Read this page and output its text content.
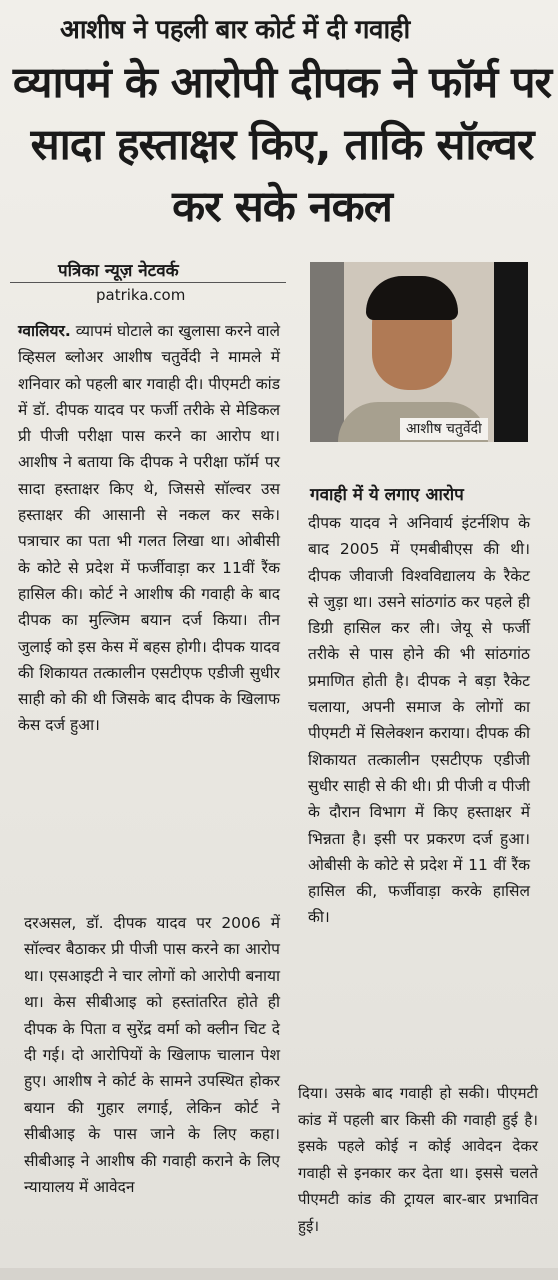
आशीष ने पहली बार कोर्ट में दी गवाही
व्यापमं के आरोपी दीपक ने फॉर्म पर सादा हस्ताक्षर किए, ताकि सॉल्वर कर सके नकल
पत्रिका न्यूज़ नेटवर्क
patrika.com

ग्वालियर. व्यापमं घोटाले का खुलासा करने वाले व्हिसल ब्लोअर आशीष चतुर्वेदी ने मामले में शनिवार को पहली बार गवाही दी। पीएमटी कांड में डॉ. दीपक यादव पर फर्जी तरीके से मेडिकल प्री पीजी परीक्षा पास करने का आरोप था। आशीष ने बताया कि दीपक ने परीक्षा फॉर्म पर सादा हस्ताक्षर किए थे, जिससे सॉल्वर उस हस्ताक्षर की आसानी से नकल कर सके। पत्राचार का पता भी गलत लिखा था। ओबीसी के कोटे से प्रदेश में फर्जीवाड़ा कर 11वीं रैंक हासिल की। कोर्ट ने आशीष की गवाही के बाद दीपक का मुल्जिम बयान दर्ज किया। तीन जुलाई को इस केस में बहस होगी। दीपक यादव की शिकायत तत्कालीन एसटीएफ एडीजी सुधीर साही को की थी जिसके बाद दीपक के खिलाफ केस दर्ज हुआ।

दरअसल, डॉ. दीपक यादव पर 2006 में सॉल्वर बैठाकर प्री पीजी पास करने का आरोप था। एसआइटी ने चार लोगों को आरोपी बनाया था। केस सीबीआइ को हस्तांतरित होते ही दीपक के पिता व सुरेंद्र वर्मा को क्लीन चिट दे दी गई। दो आरोपियों के खिलाफ चालान पेश हुए। आशीष ने कोर्ट के सामने उपस्थित होकर बयान की गुहार लगाई, लेकिन कोर्ट ने सीबीआइ के पास जाने के लिए कहा। सीबीआइ ने आशीष की गवाही कराने के लिए न्यायालय में आवेदन
आशीष चतुर्वेदी
गवाही में ये लगाए आरोप
दीपक यादव ने अनिवार्य इंटर्नशिप के बाद 2005 में एमबीबीएस की थी। दीपक जीवाजी विश्वविद्यालय के रैकेट से जुड़ा था। उसने सांठगांठ कर पहले ही डिग्री हासिल कर ली। जेयू से फर्जी तरीके से पास होने की भी सांठगांठ प्रमाणित होती है। दीपक ने बड़ा रैकेट चलाया, अपनी समाज के लोगों का पीएमटी में सिलेक्शन कराया। दीपक की शिकायत तत्कालीन एसटीएफ एडीजी सुधीर साही से की थी। प्री पीजी व पीजी के दौरान विभाग में किए हस्ताक्षर में भिन्नता है। इसी पर प्रकरण दर्ज हुआ। ओबीसी के कोटे से प्रदेश में 11 वीं रैंक हासिल की, फर्जीवाड़ा करके हासिल की।
दिया। उसके बाद गवाही हो सकी। पीएमटी कांड में पहली बार किसी की गवाही हुई है। इसके पहले कोई न कोई आवेदन देकर गवाही से इनकार कर देता था। इससे चलते पीएमटी कांड की ट्रायल बार-बार प्रभावित हुई।
